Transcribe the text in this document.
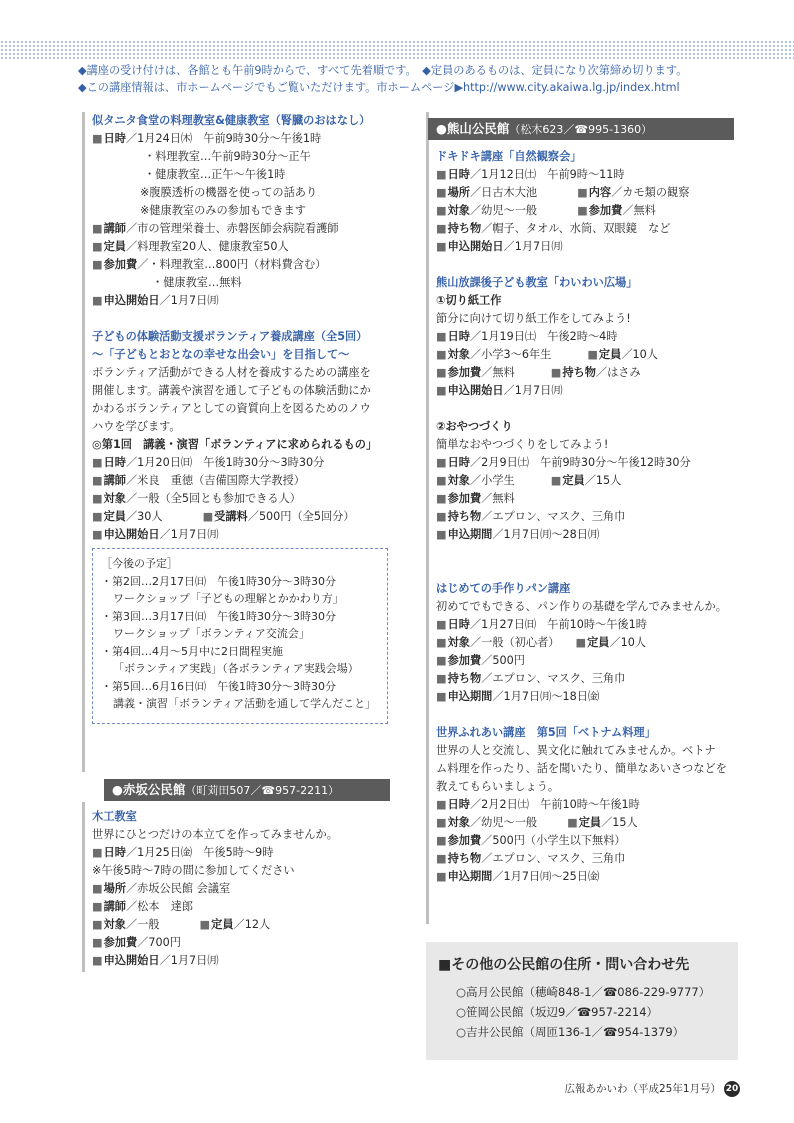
◆講座の受け付けは、各館とも午前9時からで、すべて先着順です。　◆定員のあるものは、定員になり次第締め切ります。
◆この講座情報は、市ホームページでもご覧いただけます。市ホームページ▶http://www.city.akaiwa.lg.jp/index.html
似タニタ食堂の料理教室&健康教室（腎臓のおはなし）
■ 日時／1月24日㈭　午前9時30分～午後1時
・料理教室…午前9時30分～正午
・健康教室…正午～午後1時
※腹膜透析の機器を使っての話あり
※健康教室のみの参加もできます
■ 講師／市の管理栄養士、赤磐医師会病院看護師
■ 定員／料理教室20人、健康教室50人
■ 参加費／・料理教室…800円（材料費含む）
・健康教室…無料
■ 申込開始日／1月7日㈪
子どもの体験活動支援ボランティア養成講座（全5回）
～「子どもとおとなの幸せな出会い」を目指して～
ボランティア活動ができる人材を養成するための講座を
開催します。講義や演習を通して子どもの体験活動にか
かわるボランティアとしての資質向上を図るためのノウ
ハウを学びます。
◎第1回　講義・演習「ボランティアに求められるもの」
■ 日時／1月20日㈰　午後1時30分～3時30分
■ 講師／米良　重徳（吉備国際大学教授）
■ 対象／一般（全5回とも参加できる人）
■ 定員／30人	■ 受講料／500円（全5回分）
■ 申込開始日／1月7日㈪
［今後の予定］
・第2回…2月17日㈰　午後1時30分～3時30分
ワークショップ「子どもの理解とかかわり方」
・第3回…3月17日㈰　午後1時30分～3時30分
ワークショップ「ボランティア交流会」
・第4回…4月～5月中に2日間程実施
「ボランティア実践」（各ボランティア実践会場）
・第5回…6月16日㈰　午後1時30分～3時30分
講義・演習「ボランティア活動を通して学んだこと」
●赤坂公民館（町苅田507／☎957-2211）
木工教室
世界にひとつだけの本立てを作ってみませんか。
■ 日時／1月25日㈮　午後5時～9時
※午後5時～7時の間に参加してください
■ 場所／赤坂公民館 会議室
■ 講師／松本　達郎
■ 対象／一般	■ 定員／12人
■ 参加費／700円
■ 申込開始日／1月7日㈪
●熊山公民館（松木623／☎995-1360）
ドキドキ講座「自然観察会」
■ 日時／1月12日㈯　午前9時～11時
■ 場所／日古木大池	■ 内容／カモ類の観察
■ 対象／幼児～一般	■ 参加費／無料
■ 持ち物／帽子、タオル、水筒、双眼鏡　など
■ 申込開始日／1月7日㈪
熊山放課後子ども教室「わいわい広場」
①切り紙工作
節分に向けて切り紙工作をしてみよう!
■ 日時／1月19日㈯　午後2時～4時
■ 対象／小学3～6年生	■ 定員／10人
■ 参加費／無料	■ 持ち物／はさみ
■ 申込開始日／1月7日㈪
②おやつづくり
簡単なおやつづくりをしてみよう!
■ 日時／2月9日㈯　午前9時30分～午後12時30分
■ 対象／小学生	■ 定員／15人
■ 参加費／無料
■ 持ち物／エプロン、マスク、三角巾
■ 申込期間／1月7日㈪～28日㈪
はじめての手作りパン講座
初めてでもできる、パン作りの基礎を学んでみませんか。
■ 日時／1月27日㈰　午前10時～午後1時
■ 対象／一般（初心者） ■ 定員／10人
■ 参加費／500円
■ 持ち物／エプロン、マスク、三角巾
■ 申込期間／1月7日㈪～18日㈮
世界ふれあい講座　第5回「ベトナム料理」
世界の人と交流し、異文化に触れてみませんか。ベトナ
ム料理を作ったり、話を聞いたり、簡単なあいさつなどを
教えてもらいましょう。
■ 日時／2月2日㈯　午前10時～午後1時
■ 対象／幼児～一般	■ 定員／15人
■ 参加費／500円（小学生以下無料）
■ 持ち物／エプロン、マスク、三角巾
■ 申込期間／1月7日㈪～25日㈮
■その他の公民館の住所・問い合わせ先
○高月公民館（穂崎848-1／☎086-229-9777）
○笹岡公民館（坂辺9／☎957-2214）
○吉井公民館（周匝136-1／☎954-1379）
広報あかいわ（平成25年1月号） 20
